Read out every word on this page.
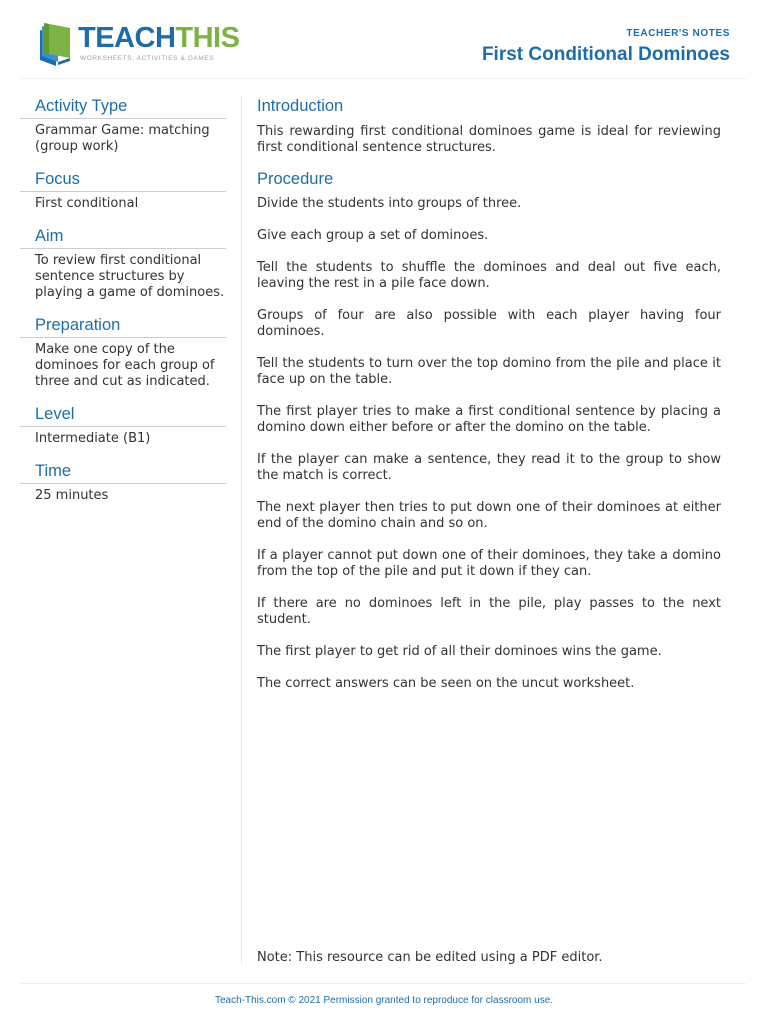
TEACHTHIS
WORKSHEETS, ACTIVITIES & GAMES
TEACHER'S NOTES
First Conditional Dominoes
Activity Type
Grammar Game: matching (group work)
Focus
First conditional
Aim
To review first conditional sentence structures by playing a game of dominoes.
Preparation
Make one copy of the dominoes for each group of three and cut as indicated.
Level
Intermediate (B1)
Time
25 minutes
Introduction
This rewarding first conditional dominoes game is ideal for reviewing first conditional sentence structures.
Procedure

Divide the students into groups of three.

Give each group a set of dominoes.

Tell the students to shuffle the dominoes and deal out five each, leaving the rest in a pile face down.

Groups of four are also possible with each player having four dominoes.

Tell the students to turn over the top domino from the pile and place it face up on the table.

The first player tries to make a first conditional sentence by placing a domino down either before or after the domino on the table.

If the player can make a sentence, they read it to the group to show the match is correct.

The next player then tries to put down one of their dominoes at either end of the domino chain and so on.

If a player cannot put down one of their dominoes, they take a domino from the top of the pile and put it down if they can.

If there are no dominoes left in the pile, play passes to the next student.

The first player to get rid of all their dominoes wins the game.

The correct answers can be seen on the uncut worksheet.

Note: This resource can be edited using a PDF editor.
Teach-This.com © 2021 Permission granted to reproduce for classroom use.
